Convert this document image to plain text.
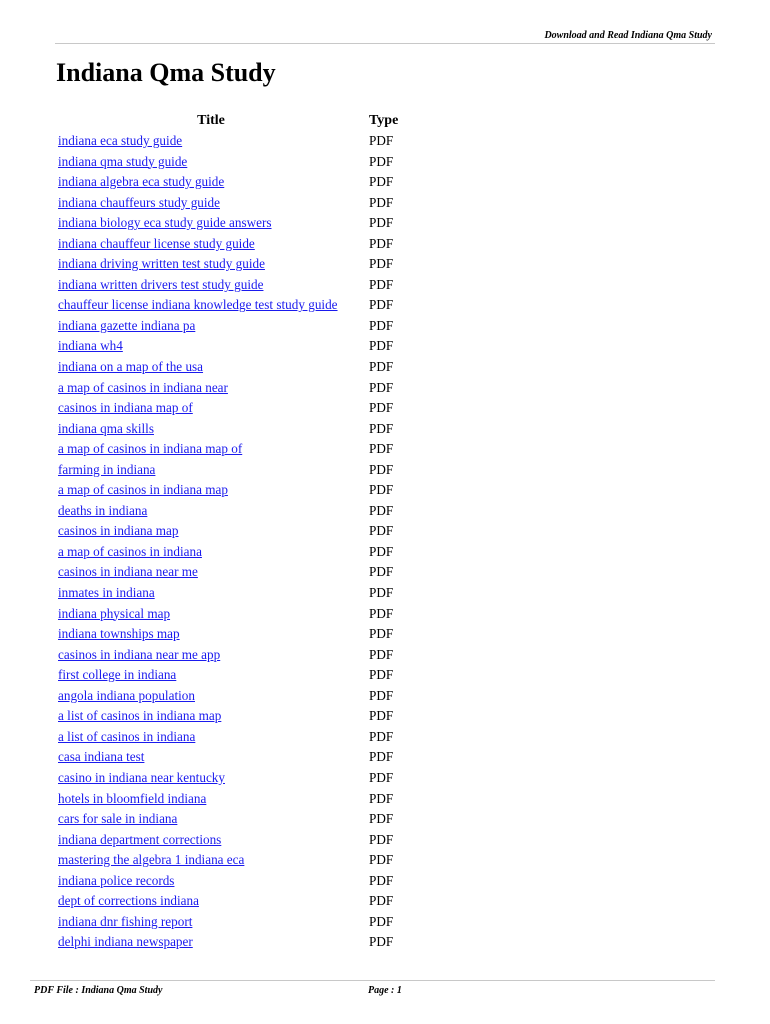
Download and Read Indiana Qma Study
Indiana Qma Study
Title	Type
indiana eca study guide	PDF
indiana qma study guide	PDF
indiana algebra eca study guide	PDF
indiana chauffeurs study guide	PDF
indiana biology eca study guide answers	PDF
indiana chauffeur license study guide	PDF
indiana driving written test study guide	PDF
indiana written drivers test study guide	PDF
chauffeur license indiana knowledge test study guide	PDF
indiana gazette indiana pa	PDF
indiana wh4	PDF
indiana on a map of the usa	PDF
a map of casinos in indiana near	PDF
casinos in indiana map of	PDF
indiana qma skills	PDF
a map of casinos in indiana map of	PDF
farming in indiana	PDF
a map of casinos in indiana map	PDF
deaths in indiana	PDF
casinos in indiana map	PDF
a map of casinos in indiana	PDF
casinos in indiana near me	PDF
inmates in indiana	PDF
indiana physical map	PDF
indiana townships map	PDF
casinos in indiana near me app	PDF
first college in indiana	PDF
angola indiana population	PDF
a list of casinos in indiana map	PDF
a list of casinos in indiana	PDF
casa indiana test	PDF
casino in indiana near kentucky	PDF
hotels in bloomfield indiana	PDF
cars for sale in indiana	PDF
indiana department corrections	PDF
mastering the algebra 1 indiana eca	PDF
indiana police records	PDF
dept of corrections indiana	PDF
indiana dnr fishing report	PDF
delphi indiana newspaper	PDF
PDF File : Indiana Qma Study	Page : 1
